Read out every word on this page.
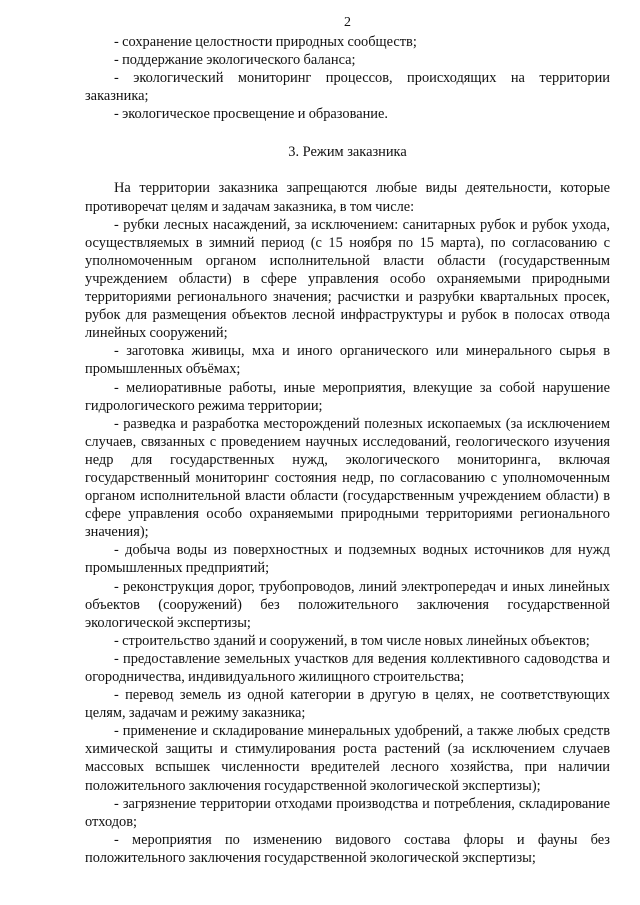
2

- сохранение целостности природных сообществ;

- поддержание экологического баланса;

- экологический мониторинг процессов, происходящих на территории заказника;

- экологическое просвещение и образование.

3. Режим заказника

На территории заказника запрещаются любые виды деятельности, которые противоречат целям и задачам заказника, в том числе:

- рубки лесных насаждений, за исключением: санитарных рубок и рубок ухода, осуществляемых в зимний период (с 15 ноября по 15 марта), по согласованию с уполномоченным органом исполнительной власти области (государственным учреждением области) в сфере управления особо охраняемыми природными территориями регионального значения; расчистки и разрубки квартальных просек, рубок для размещения объектов лесной инфраструктуры и рубок в полосах отвода линейных сооружений;

- заготовка живицы, мха и иного органического или минерального сырья в промышленных объёмах;

- мелиоративные работы, иные мероприятия, влекущие за собой нарушение гидрологического режима территории;

- разведка и разработка месторождений полезных ископаемых (за исключением случаев, связанных с проведением научных исследований, геологического изучения недр для государственных нужд, экологического мониторинга, включая государственный мониторинг состояния недр, по согласованию с уполномоченным органом исполнительной власти области (государственным учреждением области) в сфере управления особо охраняемыми природными территориями регионального значения);

- добыча воды из поверхностных и подземных водных источников для нужд промышленных предприятий;

- реконструкция дорог, трубопроводов, линий электропередач и иных линейных объектов (сооружений) без положительного заключения государственной экологической экспертизы;

- строительство зданий и сооружений, в том числе новых линейных объектов;

- предоставление земельных участков для ведения коллективного садоводства и огородничества, индивидуального жилищного строительства;

- перевод земель из одной категории в другую в целях, не соответствующих целям, задачам и режиму заказника;

- применение и складирование минеральных удобрений, а также любых средств химической защиты и стимулирования роста растений (за исключением случаев массовых вспышек численности вредителей лесного хозяйства, при наличии положительного заключения государственной экологической экспертизы);

- загрязнение территории отходами производства и потребления, складирование отходов;

- мероприятия по изменению видового состава флоры и фауны без положительного заключения государственной экологической экспертизы;
